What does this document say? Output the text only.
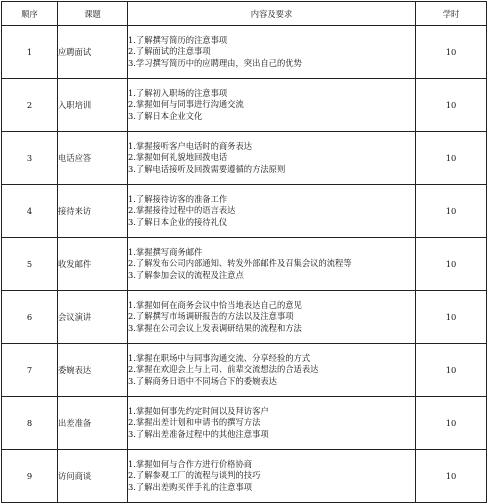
顺序	课题	内容及要求	学时
1	应聘面试	1.了解撰写简历的注意事项
2.了解面试的注意事项
3.学习撰写简历中的应聘理由，突出自己的优势	10
2	入职培训	1.了解初入职场的注意事项
2.掌握如何与同事进行沟通交流
3.了解日本企业文化	10
3	电话应答	1.掌握接听客户电话时的商务表达
2.掌握如何礼貌地回拨电话
3.了解电话接听及回拨需要遵循的方法原则	10
4	接待来访	1.了解接待访客的准备工作
2.掌握接待过程中的语言表达
3.了解日本企业的接待礼仪	10
5	收发邮件	1.掌握撰写商务邮件
2.了解发布公司内部通知、转发外部邮件及召集会议的流程等
3.了解参加会议的流程及注意点	10
6	会议演讲	1.掌握如何在商务会议中恰当地表达自己的意见
2.了解撰写市场调研报告的方法以及注意事项
3.掌握在公司会议上发表调研结果的流程和方法	10
7	委婉表达	1.掌握在职场中与同事沟通交流、分享经验的方式
2.掌握在欢迎会上与上司、前辈交流想法的合适表达
3.了解商务日语中不同场合下的委婉表达	10
8	出差准备	1.掌握如何事先约定时间以及拜访客户
2.掌握出差计划和申请书的撰写方法
3.了解出差准备过程中的其他注意事项	10
9	访问商谈	1.掌握如何与合作方进行价格协商
2.了解参观工厂的流程与谈判的技巧
3.了解出差购买伴手礼的注意事项	10
